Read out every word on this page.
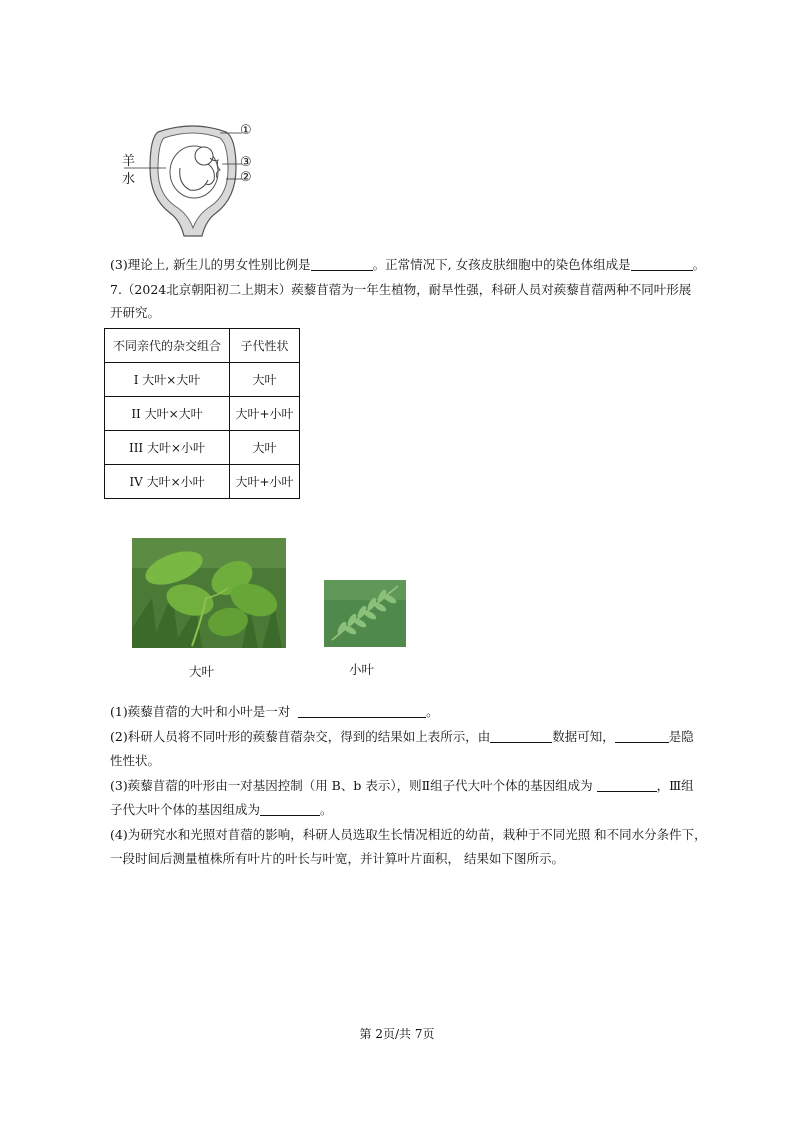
羊
水
①
③
②
(3)理论上, 新生儿的男女性别比例是	。正常情况下, 女孩皮肤细胞中的染色体组成是	。
7.（2024北京朝阳初二上期末）蒺藜苜蓿为一年生植物，耐旱性强，科研人员对蒺藜苜蓿两种不同叶形展
开研究。
不同亲代的杂交组合	子代性状
I 大叶×大叶	大叶
II 大叶×大叶	大叶+小叶
III 大叶×小叶	大叶
IV 大叶×小叶	大叶+小叶
大叶	小叶
(1)蒺藜苜蓿的大叶和小叶是一对	。
(2)科研人员将不同叶形的蒺藜苜蓿杂交，得到的结果如上表所示，由	数据可知，	是隐
性性状。
(3)蒺藜苜蓿的叶形由一对基因控制（用 B、b 表示），则Ⅱ组子代大叶个体的基因组成为	，Ⅲ组
子代大叶个体的基因组成为	。
(4)为研究水和光照对苜蓿的影响，科研人员选取生长情况相近的幼苗，栽种于不同光照 和不同水分条件下，
一段时间后测量植株所有叶片的叶长与叶宽，并计算叶片面积， 结果如下图所示。
第 2页/共 7页
